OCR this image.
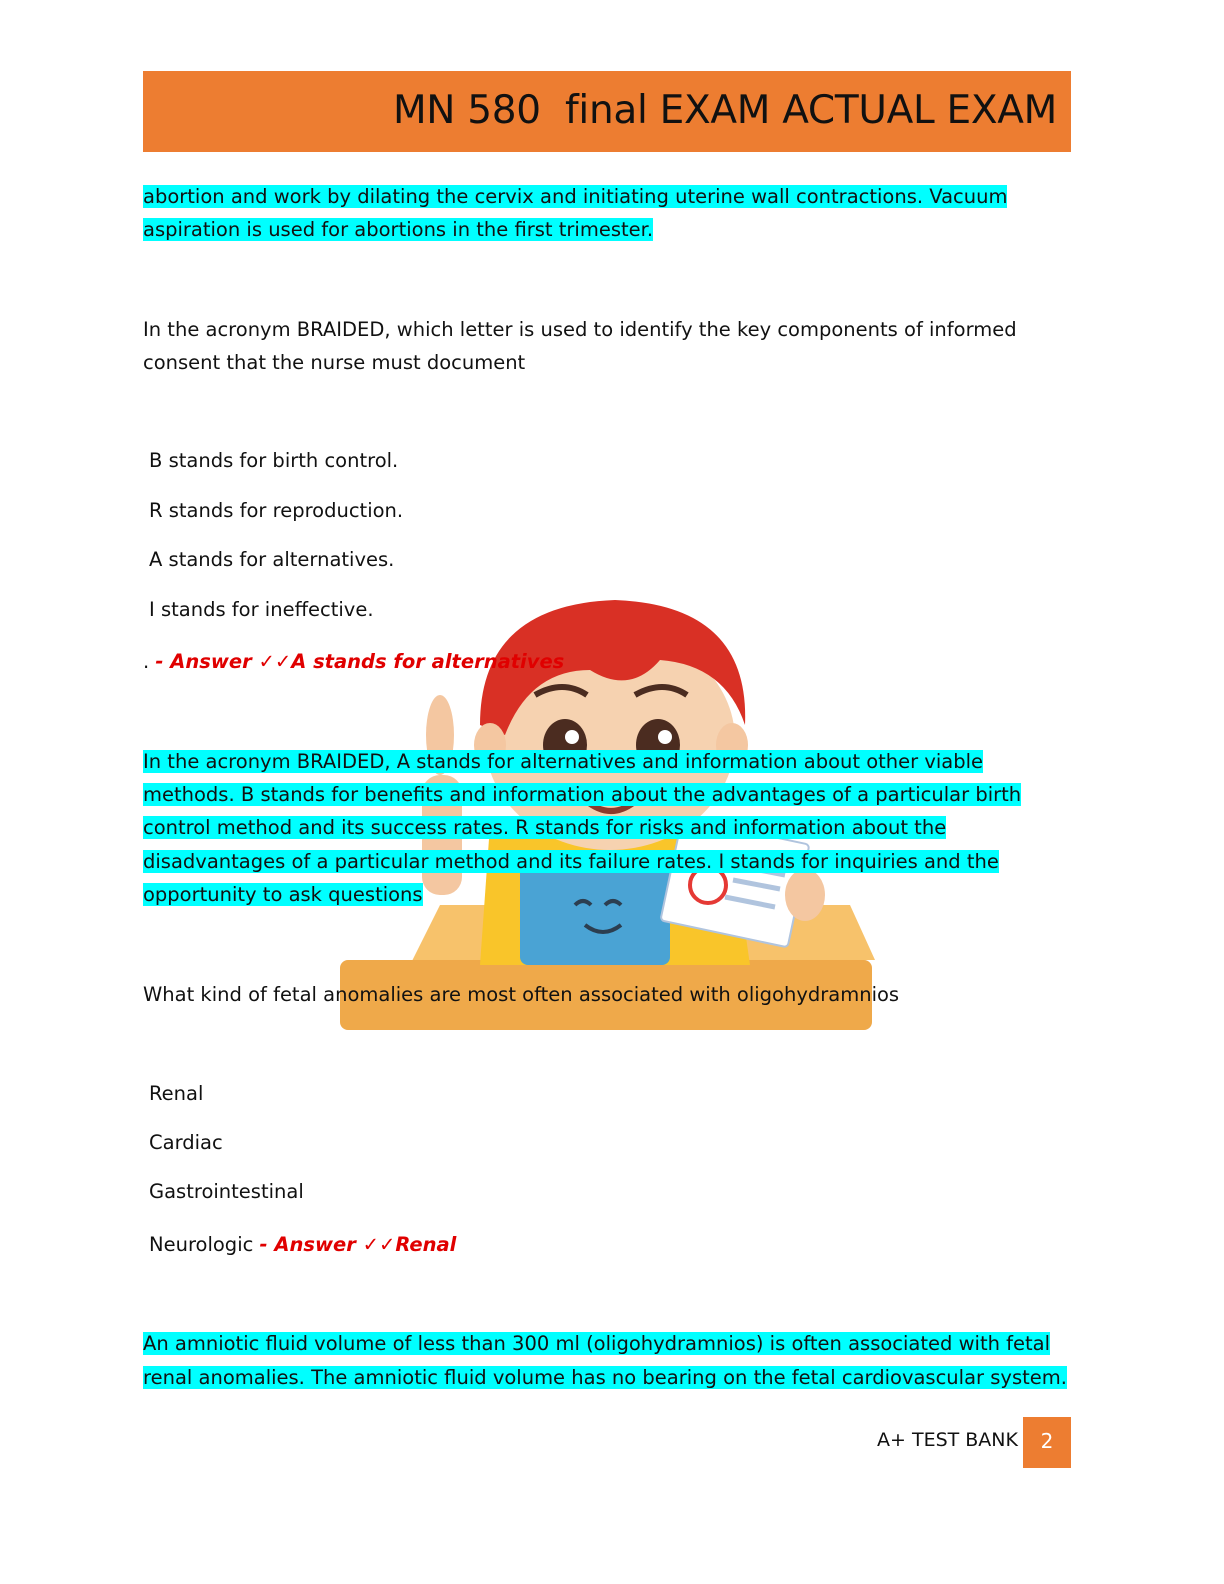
MN 580  final EXAM ACTUAL EXAM
abortion and work by dilating the cervix and initiating uterine wall contractions. Vacuum
aspiration is used for abortions in the first trimester.
In the acronym BRAIDED, which letter is used to identify the key components of informed
consent that the nurse must document
B stands for birth control.
R stands for reproduction.
A stands for alternatives.
I stands for ineffective.
. - Answer ✓✓A stands for alternatives
In the acronym BRAIDED, A stands for alternatives and information about other viable
methods. B stands for benefits and information about the advantages of a particular birth
control method and its success rates. R stands for risks and information about the
disadvantages of a particular method and its failure rates. I stands for inquiries and the
opportunity to ask questions
What kind of fetal anomalies are most often associated with oligohydramnios
Renal
Cardiac
Gastrointestinal
Neurologic - Answer ✓✓Renal
An amniotic fluid volume of less than 300 ml (oligohydramnios) is often associated with fetal
renal anomalies. The amniotic fluid volume has no bearing on the fetal cardiovascular system.
A+ TEST BANK	2
